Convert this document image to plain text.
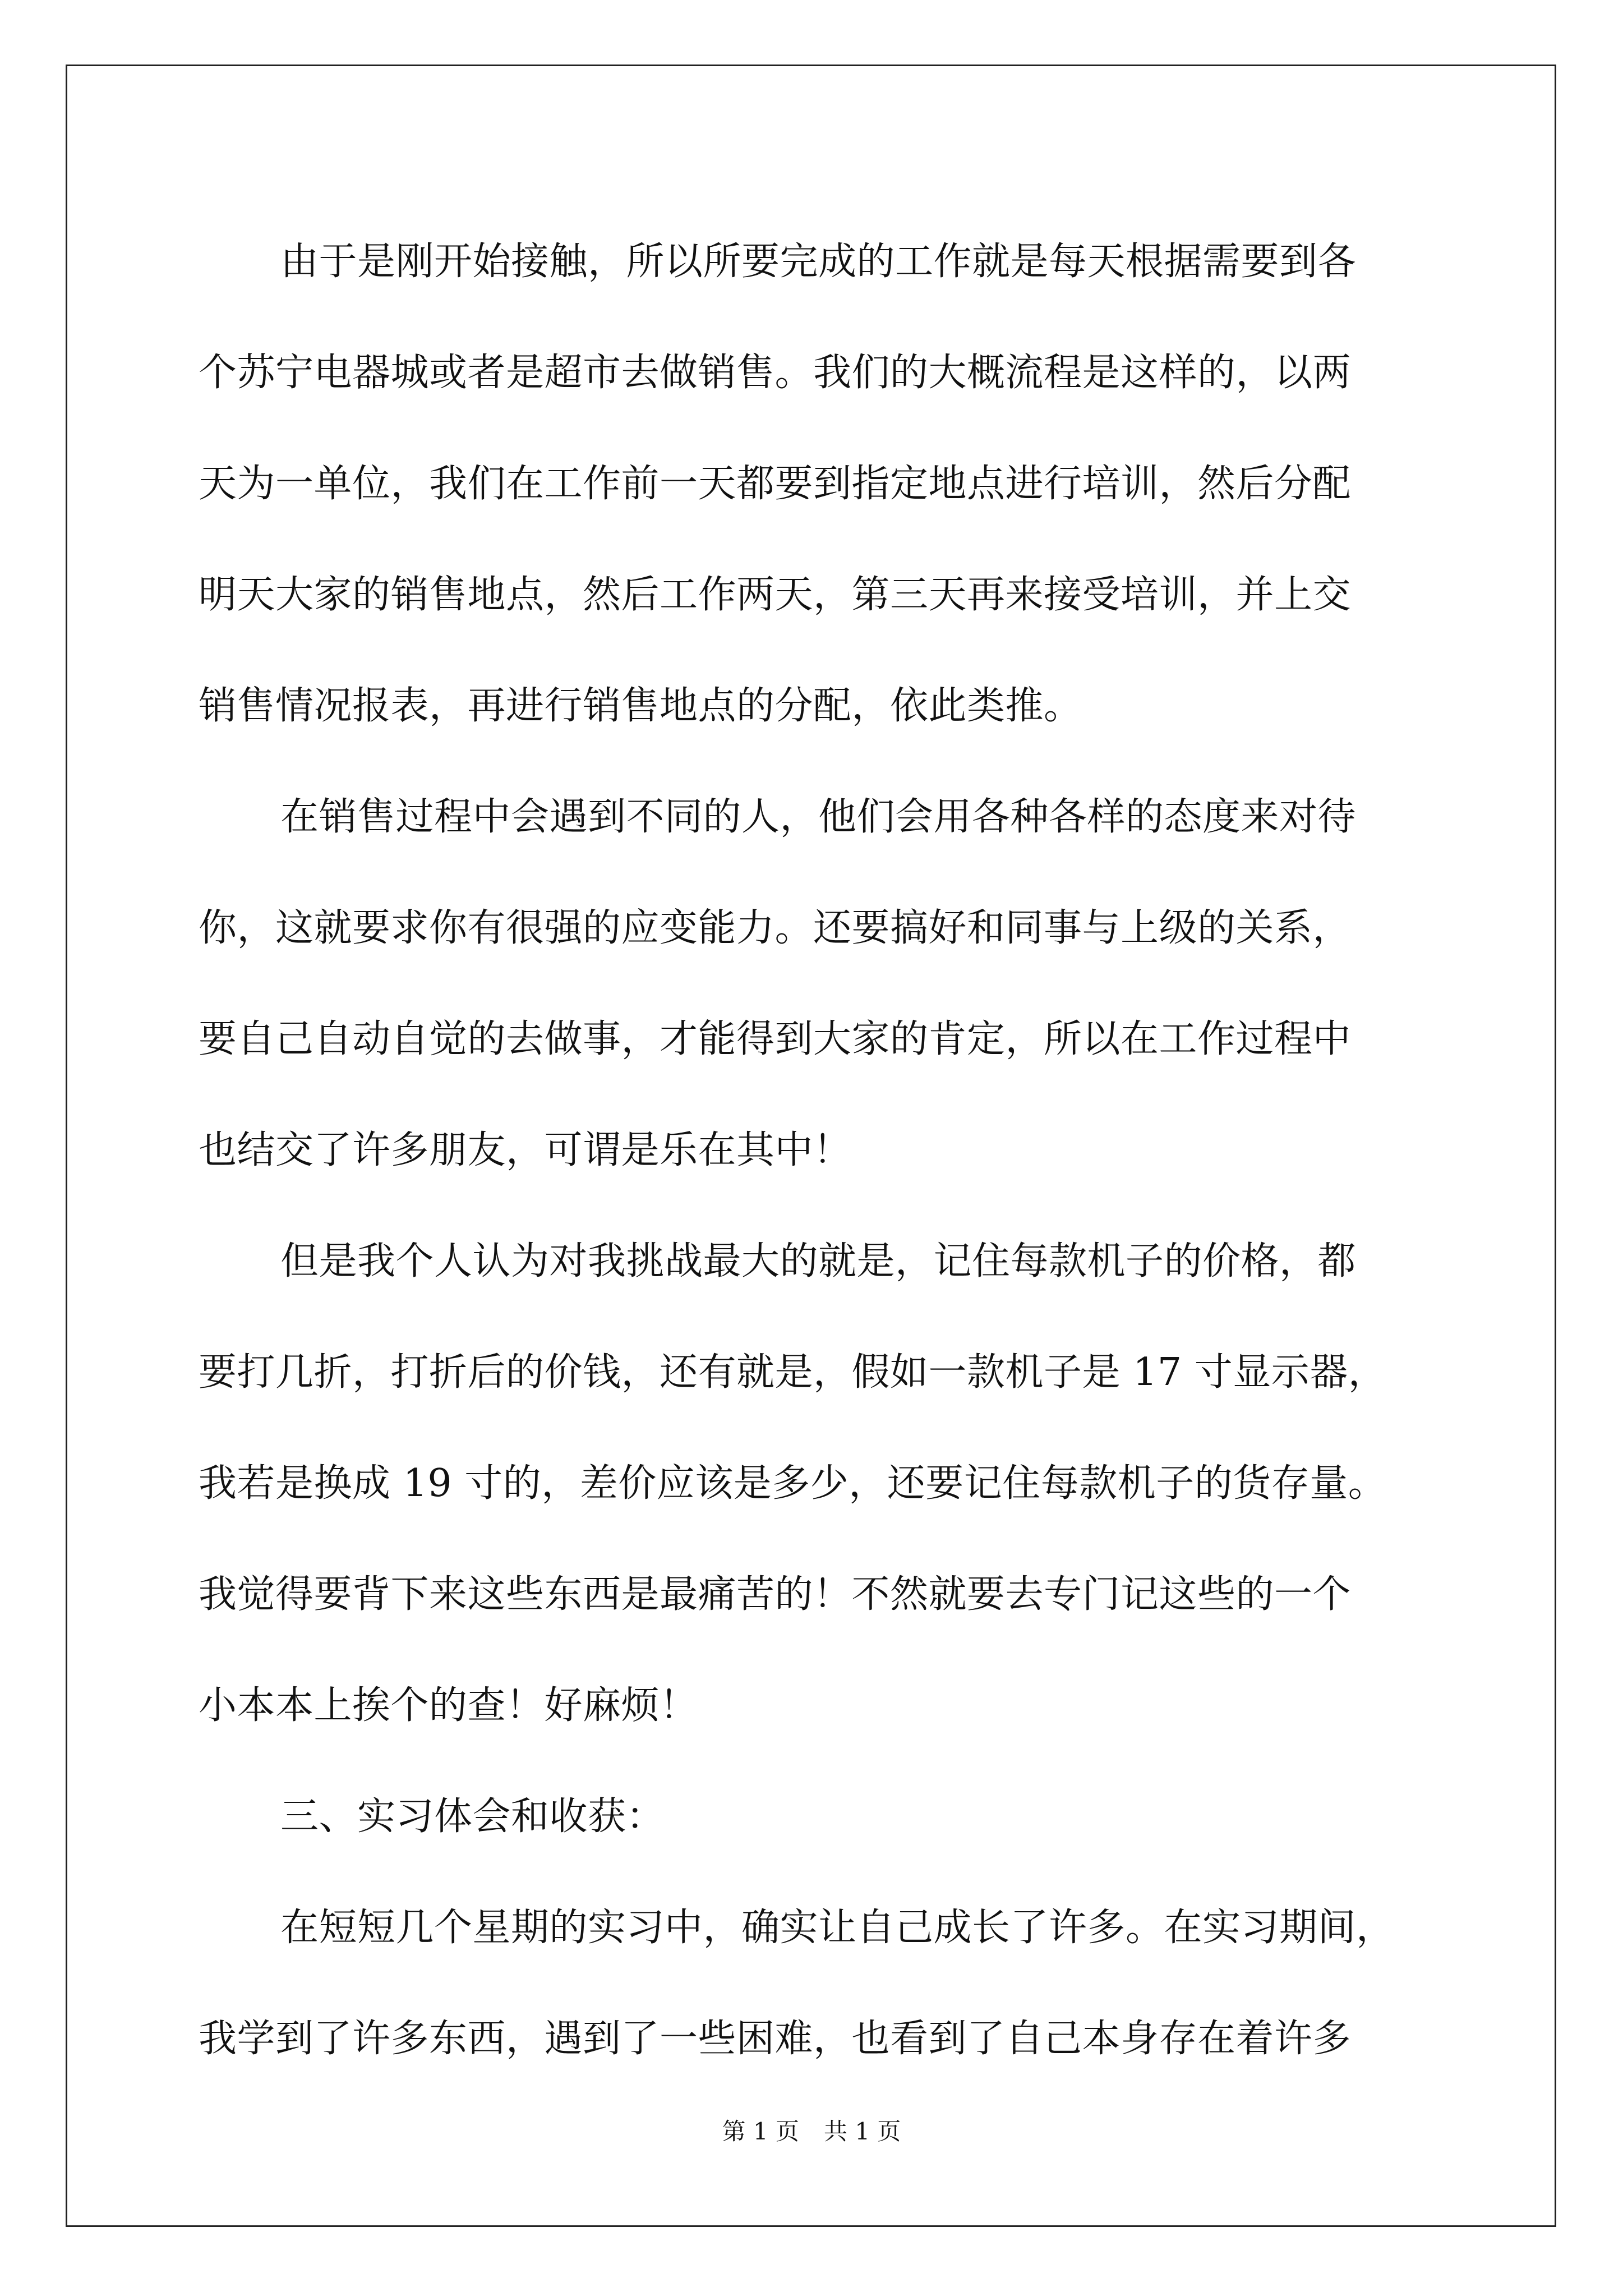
由于是刚开始接触，所以所要完成的工作就是每天根据需要到各
个苏宁电器城或者是超市去做销售。我们的大概流程是这样的，以两
天为一单位，我们在工作前一天都要到指定地点进行培训，然后分配
明天大家的销售地点，然后工作两天，第三天再来接受培训，并上交
销售情况报表，再进行销售地点的分配，依此类推。
在销售过程中会遇到不同的人，他们会用各种各样的态度来对待
你，这就要求你有很强的应变能力。还要搞好和同事与上级的关系，
要自己自动自觉的去做事，才能得到大家的肯定，所以在工作过程中
也结交了许多朋友，可谓是乐在其中！
但是我个人认为对我挑战最大的就是，记住每款机子的价格，都
要打几折，打折后的价钱，还有就是，假如一款机子是 17 寸显示器，
我若是换成 19 寸的，差价应该是多少，还要记住每款机子的货存量。
我觉得要背下来这些东西是最痛苦的！不然就要去专门记这些的一个
小本本上挨个的查！好麻烦！
三、实习体会和收获：
在短短几个星期的实习中，确实让自己成长了许多。在实习期间，
我学到了许多东西，遇到了一些困难，也看到了自己本身存在着许多
第 1 页 共 1 页
